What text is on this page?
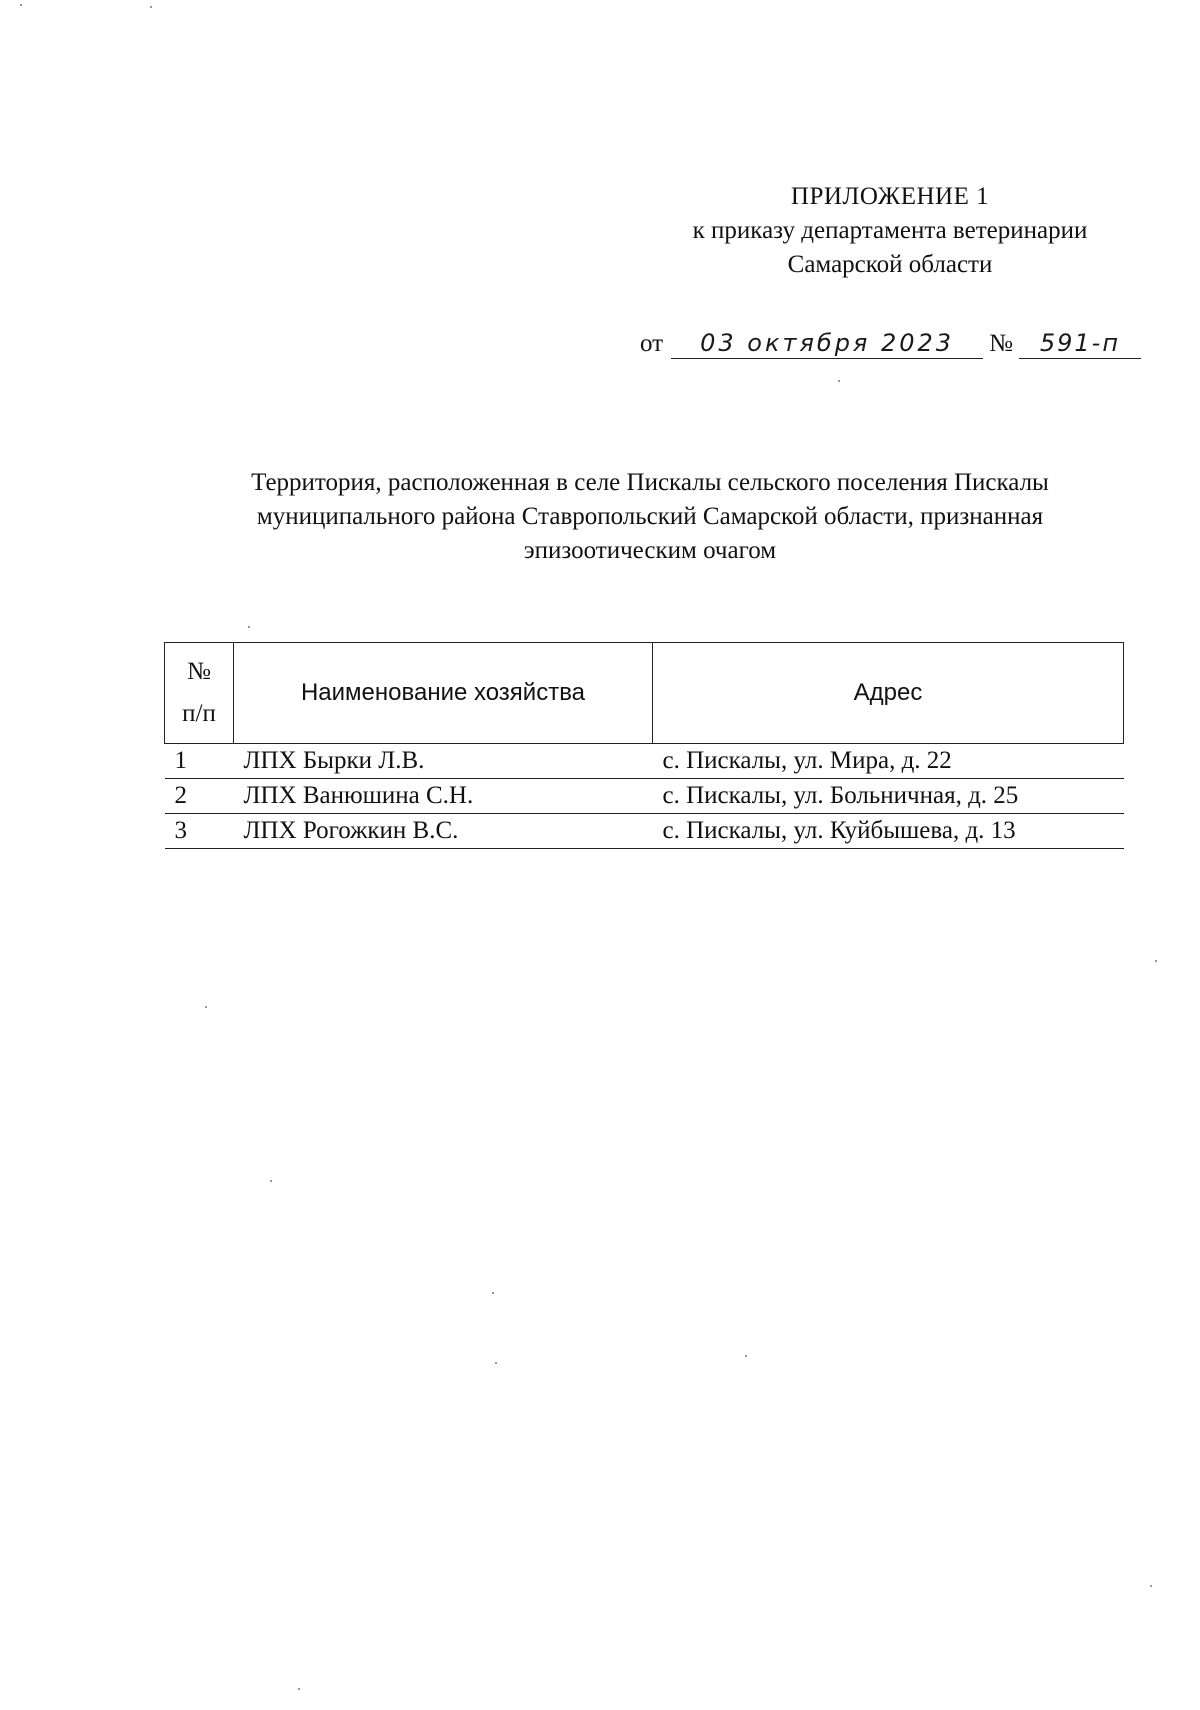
ПРИЛОЖЕНИЕ 1
к приказу департамента ветеринарии
Самарской области
от 03 октября 2023 № 591-п
Территория, расположенная в селе Пискалы сельского поселения Пискалы
муниципального района Ставропольский Самарской области, признанная
эпизоотическим очагом
№
п/п	Наименование хозяйства	Адрес
1	ЛПХ Бырки Л.В.	с. Пискалы, ул. Мира, д. 22
2	ЛПХ Ванюшина С.Н.	с. Пискалы, ул. Больничная, д. 25
3	ЛПХ Рогожкин В.С.	с. Пискалы, ул. Куйбышева, д. 13
